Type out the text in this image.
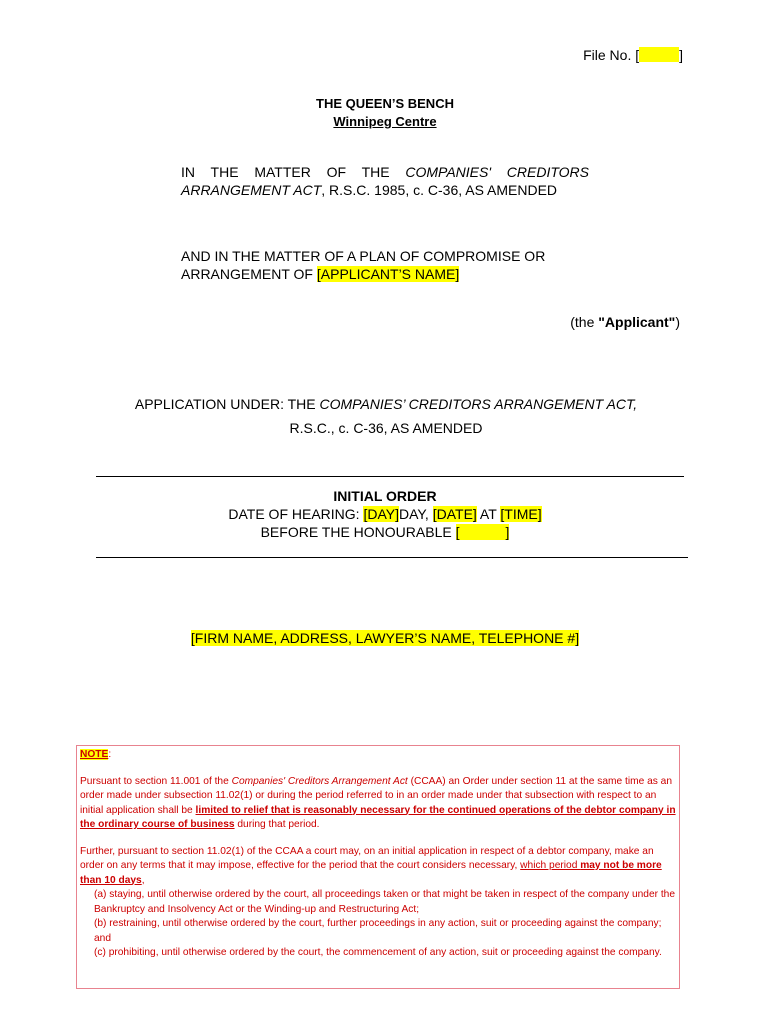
File No. [	]
THE QUEEN’S BENCH
Winnipeg Centre
IN THE MATTER OF THE COMPANIES' CREDITORS ARRANGEMENT ACT, R.S.C. 1985, c. C-36, AS AMENDED
AND IN THE MATTER OF A PLAN OF COMPROMISE OR ARRANGEMENT OF [APPLICANT’S NAME]
(the "Applicant")
APPLICATION UNDER: THE COMPANIES’ CREDITORS ARRANGEMENT ACT,
R.S.C., c. C-36, AS AMENDED
INITIAL ORDER
DATE OF HEARING: [DAY]DAY, [DATE] AT [TIME]
BEFORE THE HONOURABLE [	]
[FIRM NAME, ADDRESS, LAWYER’S NAME, TELEPHONE #]

NOTE:

Pursuant to section 11.001 of the Companies' Creditors Arrangement Act (CCAA) an Order under section 11 at the same time as an order made under subsection 11.02(1) or during the period referred to in an order made under that subsection with respect to an initial application shall be limited to relief that is reasonably necessary for the continued operations of the debtor company in the ordinary course of business during that period.

Further, pursuant to section 11.02(1) of the CCAA a court may, on an initial application in respect of a debtor company, make an order on any terms that it may impose, effective for the period that the court considers necessary, which period may not be more than 10 days,

(a) staying, until otherwise ordered by the court, all proceedings taken or that might be taken in respect of the company under the Bankruptcy and Insolvency Act or the Winding-up and Restructuring Act;

(b) restraining, until otherwise ordered by the court, further proceedings in any action, suit or proceeding against the company; and

(c) prohibiting, until otherwise ordered by the court, the commencement of any action, suit or proceeding against the company.
